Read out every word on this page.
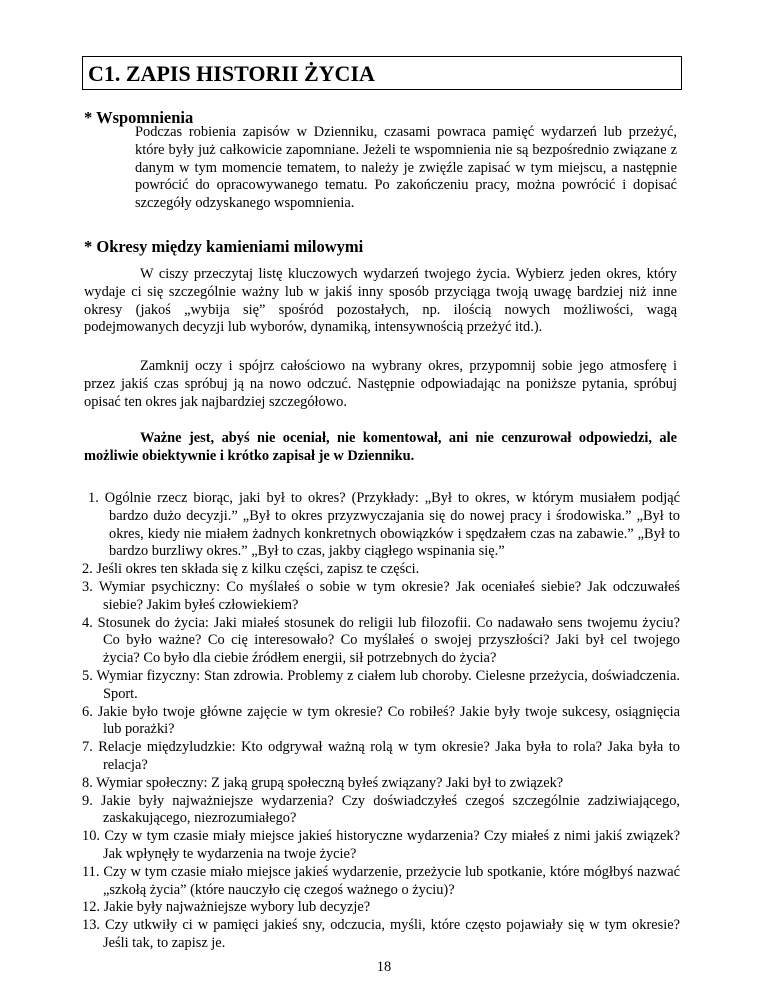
C1. ZAPIS HISTORII ŻYCIA
* Wspomnienia

Podczas robienia zapisów w Dzienniku, czasami powraca pamięć wydarzeń lub przeżyć, które były już całkowicie zapomniane. Jeżeli te wspomnienia nie są bezpośrednio związane z danym w tym momencie tematem, to należy je zwięźle zapisać w tym miejscu, a następnie powrócić do opracowywanego tematu. Po zakończeniu pracy, można powrócić i dopisać szczegóły odzyskanego wspomnienia.

* Okresy między kamieniami milowymi

W ciszy przeczytaj listę kluczowych wydarzeń twojego życia. Wybierz jeden okres, który wydaje ci się szczególnie ważny lub w jakiś inny sposób przyciąga twoją uwagę bardziej niż inne okresy (jakoś „wybija się” spośród pozostałych, np. ilością nowych możliwości, wagą podejmowanych decyzji lub wyborów, dynamiką, intensywnością przeżyć itd.).

Zamknij oczy i spójrz całościowo na wybrany okres, przypomnij sobie jego atmosferę i przez jakiś czas spróbuj ją na nowo odczuć. Następnie odpowiadając na poniższe pytania, spróbuj opisać ten okres jak najbardziej szczegółowo.

Ważne jest, abyś nie oceniał, nie komentował, ani nie cenzurował odpowiedzi, ale możliwie obiektywnie i krótko zapisał je w Dzienniku.

1. Ogólnie rzecz biorąc, jaki był to okres? (Przykłady: „Był to okres, w którym musiałem podjąć bardzo dużo decyzji.” „Był to okres przyzwyczajania się do nowej pracy i środowiska.” „Był to okres, kiedy nie miałem żadnych konkretnych obowiązków i spędzałem czas na zabawie.” „Był to bardzo burzliwy okres.” „Był to czas, jakby ciągłego wspinania się.”
2. Jeśli okres ten składa się z kilku części, zapisz te części.
3. Wymiar psychiczny: Co myślałeś o sobie w tym okresie? Jak oceniałeś siebie? Jak odczuwałeś siebie? Jakim byłeś człowiekiem?
4. Stosunek do życia: Jaki miałeś stosunek do religii lub filozofii. Co nadawało sens twojemu życiu? Co było ważne? Co cię interesowało? Co myślałeś o swojej przyszłości? Jaki był cel twojego życia? Co było dla ciebie źródłem energii, sił potrzebnych do życia?
5. Wymiar fizyczny: Stan zdrowia. Problemy z ciałem lub choroby. Cielesne przeżycia, doświadczenia. Sport.
6. Jakie było twoje główne zajęcie w tym okresie? Co robiłeś? Jakie były twoje sukcesy, osiągnięcia lub porażki?
7. Relacje międzyludzkie: Kto odgrywał ważną rolą w tym okresie? Jaka była to rola? Jaka była to relacja?
8. Wymiar społeczny: Z jaką grupą społeczną byłeś związany? Jaki był to związek?
9. Jakie były najważniejsze wydarzenia? Czy doświadczyłeś czegoś szczególnie zadziwiającego, zaskakującego, niezrozumiałego?
10. Czy w tym czasie miały miejsce jakieś historyczne wydarzenia? Czy miałeś z nimi jakiś związek? Jak wpłynęły te wydarzenia na twoje życie?
11. Czy w tym czasie miało miejsce jakieś wydarzenie, przeżycie lub spotkanie, które mógłbyś nazwać „szkołą życia” (które nauczyło cię czegoś ważnego o życiu)?
12. Jakie były najważniejsze wybory lub decyzje?
13. Czy utkwiły ci w pamięci jakieś sny, odczucia, myśli, które często pojawiały się w tym okresie? Jeśli tak, to zapisz je.

18
